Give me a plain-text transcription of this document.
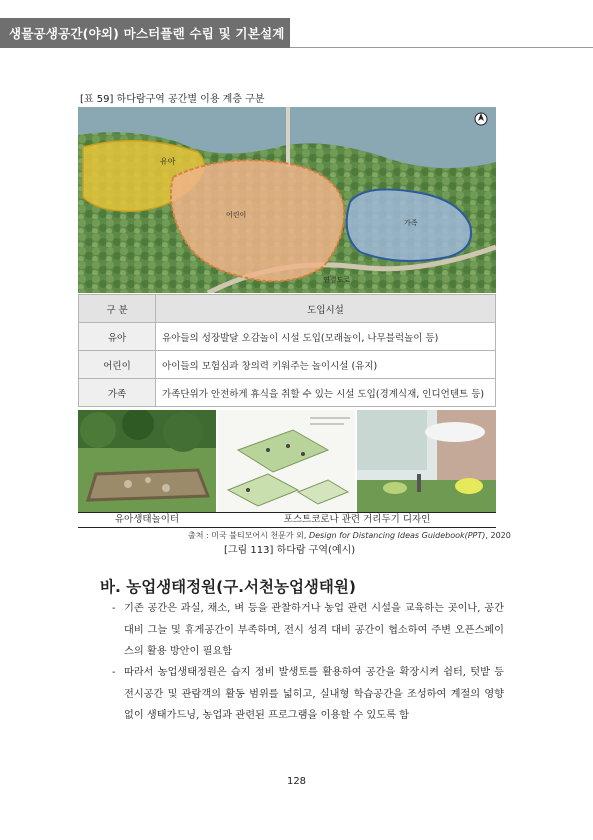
생물공생공간(야외) 마스터플랜 수립 및 기본설계
[표 59] 하다람구역 공간별 이용 계층 구분
유아
어린이
가족
연결도로
구 분	도입시설
유아	유아들의 성장발달 오감놀이 시설 도입(모래놀이, 나무블럭놀이 등)
어린이	아이들의 모험심과 창의력 키워주는 놀이시설 (유지)
가족	가족단위가 안전하게 휴식을 취할 수 있는 시설 도입(경계식재, 인디언텐트 등)
유아생태놀이터	포스트코로나 관련 거리두기 디자인
출처 : 미국 불티모어시 천문가 외, Design for Distancing Ideas Guidebook(PPT), 2020
[그림 113] 하다람 구역(예시)
바. 농업생태정원(구.서천농업생태원)
- 기존 공간은 과실, 채소, 벼 등을 관찰하거나 농업 관련 시설을 교육하는 곳이나, 공간 대비 그늘 및 휴게공간이 부족하며, 전시 성격 대비 공간이 협소하여 주변 오픈스페이스의 활용 방안이 필요함
- 따라서 농업생태정원은 습지 정비 발생토를 활용하여 공간을 확장시켜 쉼터, 텃밭 등 전시공간 및 관람객의 활동 범위를 넓히고, 실내형 학습공간을 조성하여 계절의 영향 없이 생태가드닝, 농업과 관련된 프로그램을 이용할 수 있도록 함
128
